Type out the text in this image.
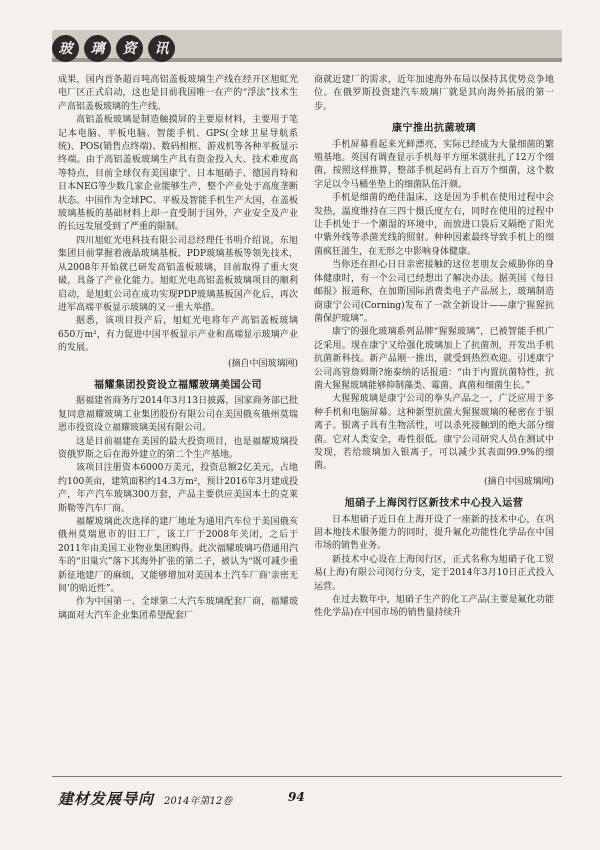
玻	璃	资	讯

成果，国内首条超百吨高铝盖板玻璃生产线在经开区旭虹光电厂区正式启动，这也是目前我国唯一在产的“浮法”技术生产高铝盖板玻璃的生产线。

高铝盖板玻璃是制造触摸屏的主要原材料，主要用于笔记本电脑、平板电脑、智能手机、GPS(全球卫星导航系统)、POS(销售点终端)、数码相框、游戏机等各种平板显示终端。由于高铝盖板玻璃生产具有资金投入大、技术难度高等特点，目前全球仅有美国康宁、日本旭硝子、德国肖特和日本NEG等少数几家企业能够生产，整个产业处于高度垄断状态。中国作为全球PC、平板及智能手机生产大国，在盖板玻璃基板的基础材料上却一直受制于国外，产业安全及产业的长远发展受到了严重的限制。

四川旭虹光电科技有限公司总经理任书明介绍说，东旭集团目前掌握着液晶玻璃基板、PDP玻璃基板等领先技术，从2008年开始就已研发高铝盖板玻璃，目前取得了重大突破，具备了产业化能力。旭虹光电高铝盖板玻璃项目的顺利启动，是旭虹公司在成功实现PDP玻璃基板国产化后，再次进军高端平板显示玻璃的又一重大举措。

据悉，该项目投产后，旭虹光电将年产高铝盖板玻璃650万m²，有力促进中国平板显示产业和高端显示玻璃产业的发展。

(摘自中国玻璃网)
福耀集团投资设立福耀玻璃美国公司

据福建省商务厅2014年3月13日披露，国家商务部已批复同意福耀玻璃工业集团股份有限公司在美国俄亥俄州莫瑞恩市投资设立福耀玻璃美国有限公司。

这是目前福建在美国的最大投资项目，也是福耀玻璃投资俄罗斯之后在海外建立的第二个生产基地。

该项目注册资本6000万美元，投资总额2亿美元，占地约100英亩，建筑面积约14.3万m²，预计2016年3月建成投产，年产汽车玻璃300万套，产品主要供应美国本土的克莱斯勒等汽车厂商。

福耀玻璃此次选择的建厂地址为通用汽车位于美国俄亥俄州莫瑞恩市的旧工厂，该工厂于2008年关闭，之后于2011年由美国工业物业集团购得。此次福耀玻璃巧借通用汽车的“旧巢穴”落下其海外扩张的第二子，被认为“既可减少重新征地建厂的麻烦，又能够增加对美国本土汽车厂商‘亲密无间’的贴近性”。

作为中国第一、全球第二大汽车玻璃配套厂商，福耀玻璃面对大汽车企业集团希望配套厂

商就近建厂的需求，近年加速海外布局以保持其优势竞争地位。在俄罗斯投资建汽车玻璃厂就是其向海外拓展的第一步。

康宁推出抗菌玻璃

手机屏幕看起来光鲜漂亮，实际已经成为大量细菌的繁殖基地。英国有调查显示手机每平方厘米就驻扎了12万个细菌，按照这样推算，整部手机起码有上百万个细菌，这个数字足以令马桶坐垫上的细菌队伍汗颜。

手机是细菌的绝佳温床，这是因为手机在使用过程中会发热，温度维持在三四十摄氏度左右，同时在使用的过程中让手机处于一个潮湿的环境中，而放进口袋后又隔绝了阳光中紫外线等杀菌光线的照射。种种因素最终导致手机上的细菌疯狂滋生，在无形之中影响身体健康。

当你还在担心日日亲密接触的这位老朋友会威胁你的身体健康时，有一个公司已经想出了解决办法。据英国《每日邮报》报道称，在加斯国际消费类电子产品展上，玻璃制造商康宁公司(Corning)发布了一款全新设计——康宁猩猩抗菌保护玻璃”。

康宁的强化玻璃系列品牌“猩猩玻璃”，已被智能手机广泛采用。现在康宁又给强化玻璃加上了抗菌剂，开发出手机抗菌新科技。新产品刚一推出，就受到热烈欢迎。引述康宁公司高管詹姆斯?施泰纳的话报道：“由于内置抗菌特性，抗菌大猩猩玻璃能够抑制藻类、霉菌、真菌和细菌生长。”

大猩猩玻璃是康宁公司的拳头产品之一，广泛应用于多种手机和电脑屏幕。这种新型抗菌大猩猩玻璃的秘密在于银离子。银离子具有生物活性，可以杀死接触到的绝大部分细菌。它对人类安全，毒性很低。康宁公司研究人员在测试中发现，若给玻璃加入银离子，可以减少其表面99.9%的细菌。

(摘自中国玻璃网)
旭硝子上海闵行区新技术中心投入运营

日本旭硝子近日在上海开设了一座新的技术中心，在巩固本地技术服务能力的同时，提升氟化功能性化学品在中国市场的销售业务。

新技术中心设在上海闵行区，正式名称为旭硝子化工贸易(上海)有限公司闵行分支，定于2014年3月10日正式投入运营。

在过去数年中，旭硝子生产的化工产品(主要是氟化功能性化学品)在中国市场的销售量持续升

建材发展导向 2014年第12卷	94
